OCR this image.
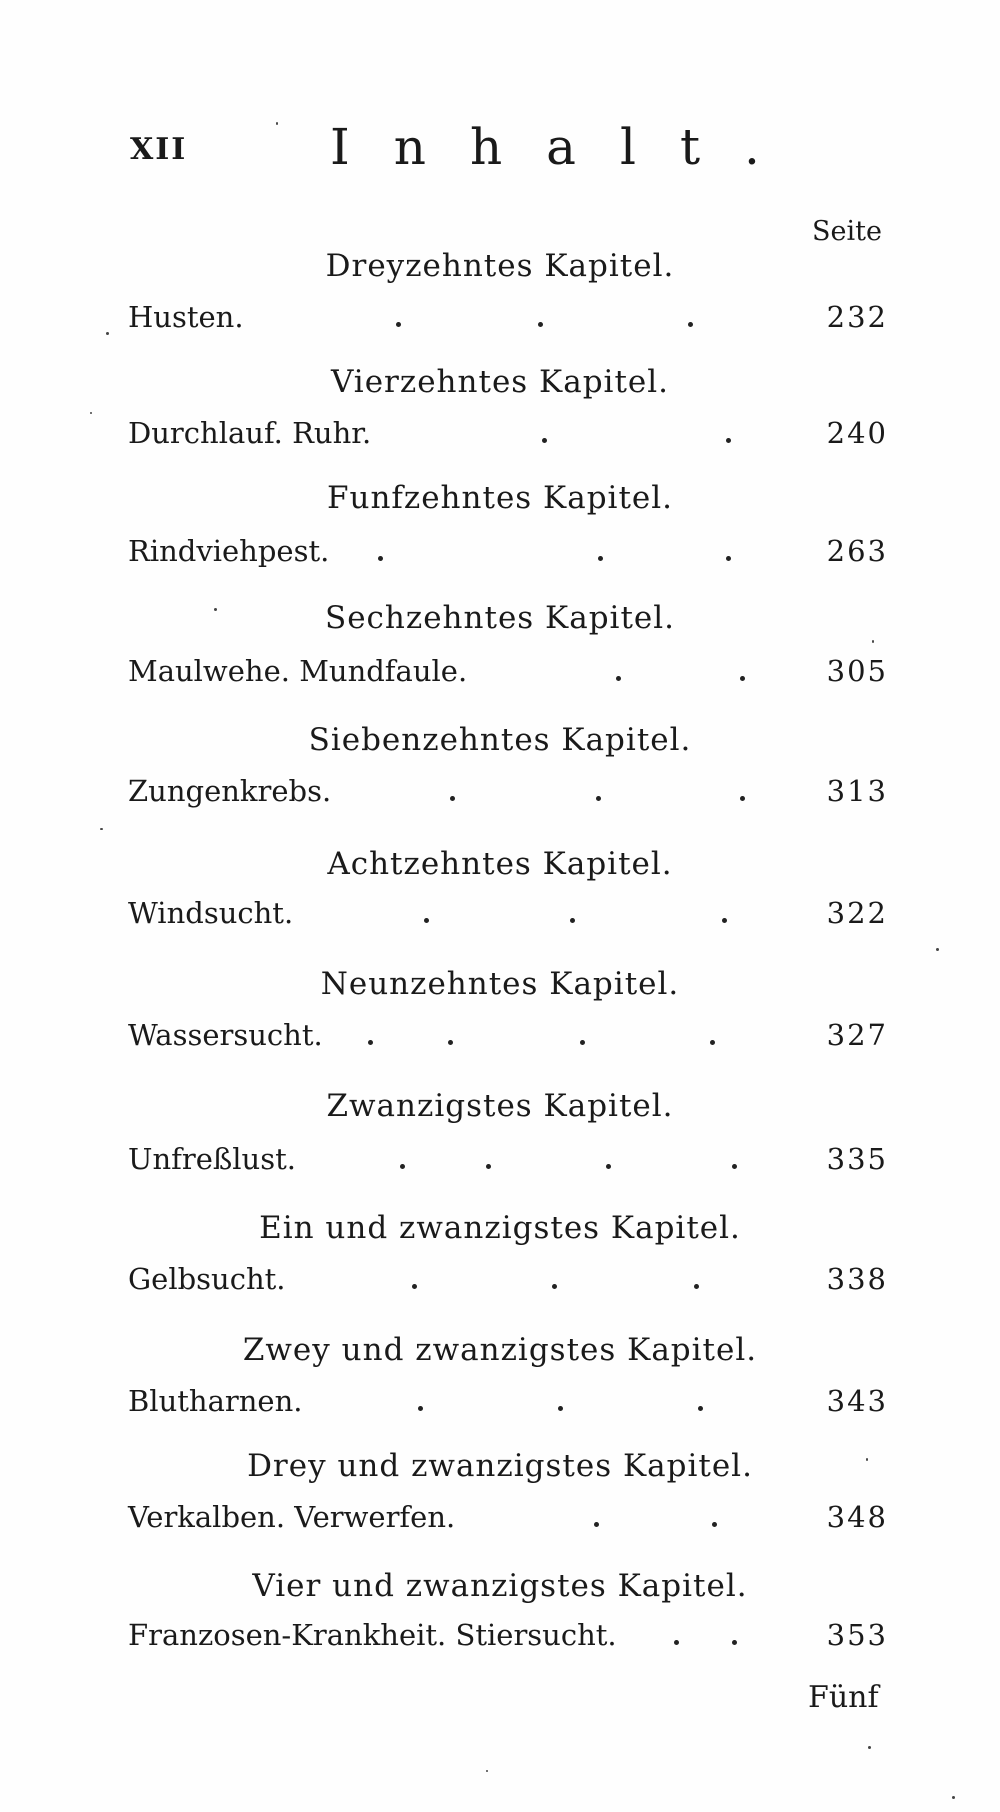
XII	Inhalt.
Seite
Dreyzehntes Kapitel.
Husten.	232
Vierzehntes Kapitel.
Durchlauf. Ruhr.	240
Funfzehntes Kapitel.
Rindviehpest.	263
Sechzehntes Kapitel.
Maulwehe. Mundfaule.	305
Siebenzehntes Kapitel.
Zungenkrebs.	313
Achtzehntes Kapitel.
Windsucht.	322
Neunzehntes Kapitel.
Wassersucht.	327
Zwanzigstes Kapitel.
Unfreßlust.	335
Ein und zwanzigstes Kapitel.
Gelbsucht.	338
Zwey und zwanzigstes Kapitel.
Blutharnen.	343
Drey und zwanzigstes Kapitel.
Verkalben. Verwerfen.	348
Vier und zwanzigstes Kapitel.
Franzosen-Krankheit. Stiersucht.	353
Fünf
